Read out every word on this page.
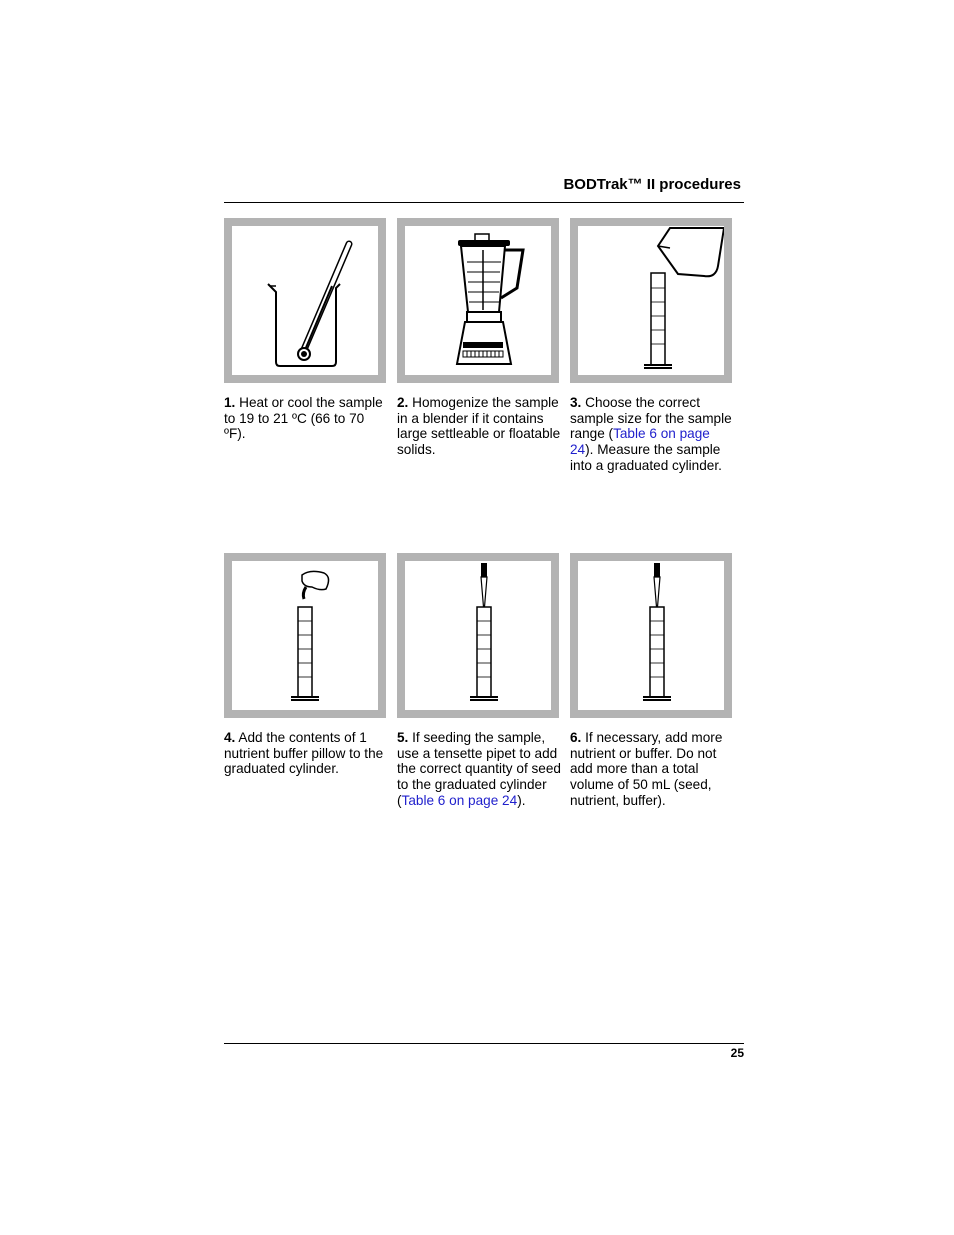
BODTrak™ II procedures
1. Heat or cool the sample to 19 to 21 ºC (66 to 70 ºF).
2. Homogenize the sample in a blender if it contains large settleable or floatable solids.
3. Choose the correct sample size for the sample range (Table 6 on page 24). Measure the sample into a graduated cylinder.
4. Add the contents of 1 nutrient buffer pillow to the graduated cylinder.
5. If seeding the sample, use a tensette pipet to add the correct quantity of seed to the graduated cylinder (Table 6 on page 24).
6. If necessary, add more nutrient or buffer. Do not add more than a total volume of 50 mL (seed, nutrient, buffer).
25
